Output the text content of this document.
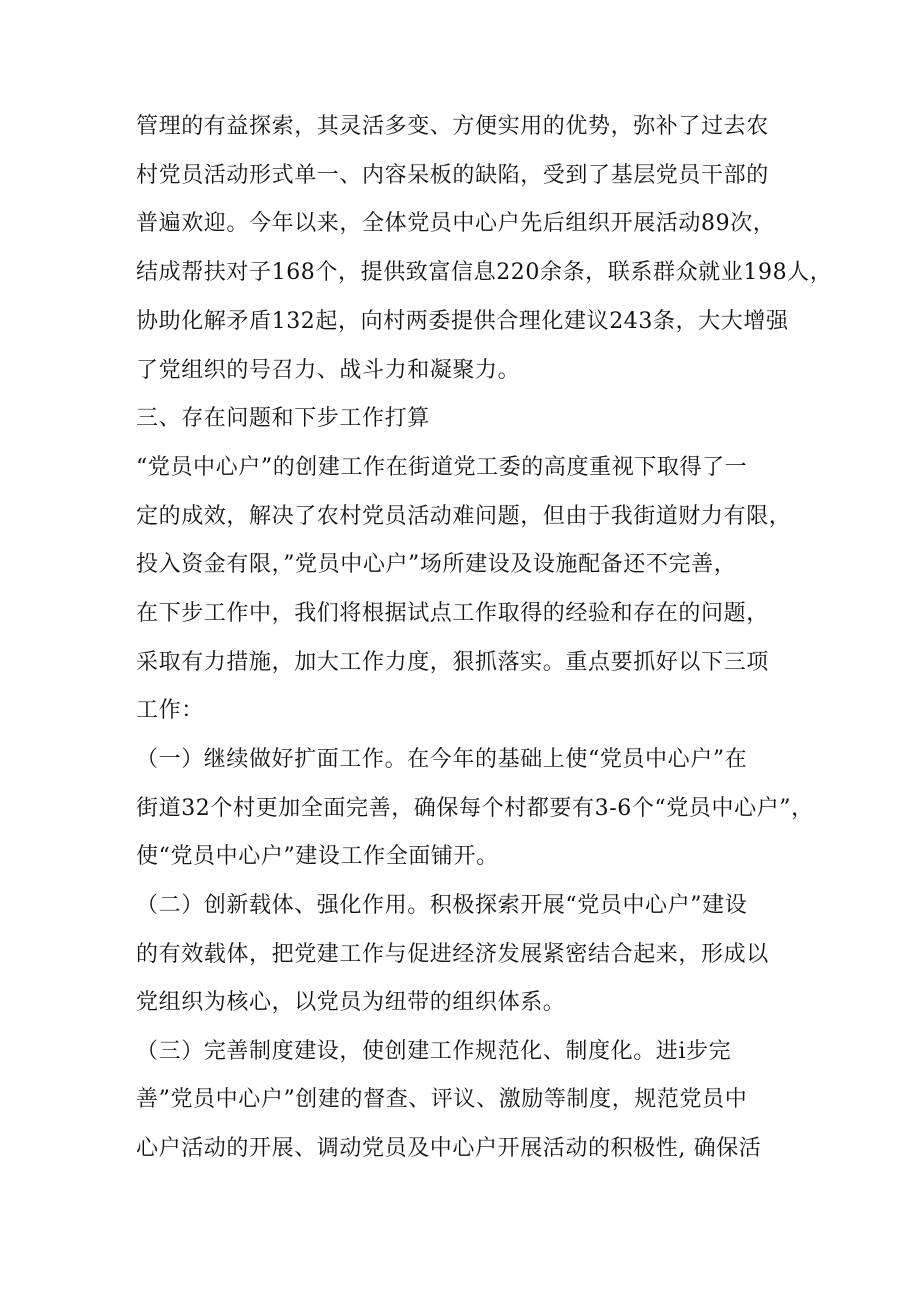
管理的有益探索，其灵活多变、方便实用的优势，弥补了过去农
村党员活动形式单一、内容呆板的缺陷，受到了基层党员干部的
普遍欢迎。今年以来，全体党员中心户先后组织开展活动89次，
结成帮扶对子168个，提供致富信息220余条，联系群众就业198人，
协助化解矛盾132起，向村两委提供合理化建议243条，大大增强
了党组织的号召力、战斗力和凝聚力。
三、存在问题和下步工作打算
“党员中心户”的创建工作在街道党工委的高度重视下取得了一
定的成效，解决了农村党员活动难问题，但由于我街道财力有限，
投入资金有限，”党员中心户”场所建设及设施配备还不完善，
在下步工作中，我们将根据试点工作取得的经验和存在的问题，
采取有力措施，加大工作力度，狠抓落实。重点要抓好以下三项
工作：
（一）继续做好扩面工作。在今年的基础上使“党员中心户”在
街道32个村更加全面完善，确保每个村都要有3-6个“党员中心户”，
使“党员中心户”建设工作全面铺开。
（二）创新载体、强化作用。积极探索开展“党员中心户”建设
的有效载体，把党建工作与促进经济发展紧密结合起来，形成以
党组织为核心，以党员为纽带的组织体系。
（三）完善制度建设，使创建工作规范化、制度化。进i步完
善”党员中心户”创建的督查、评议、激励等制度，规范党员中
心户活动的开展、调动党员及中心户开展活动的积极性, 确保活
